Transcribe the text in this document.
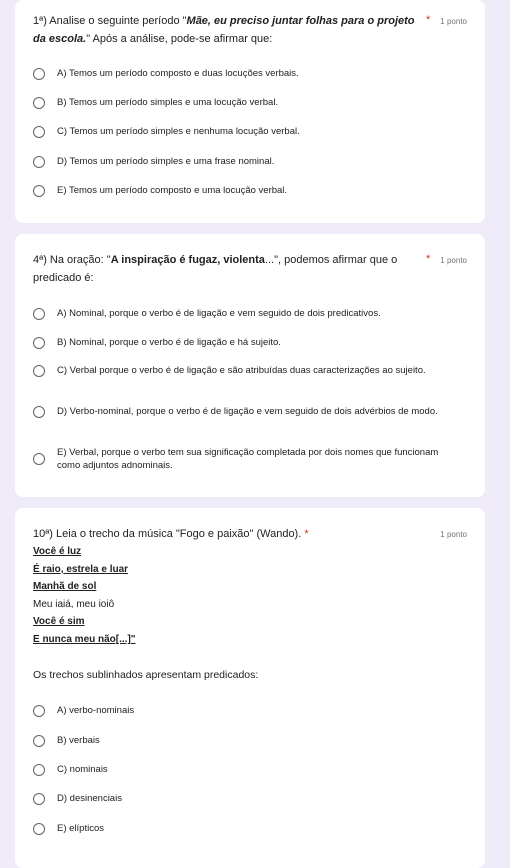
1ª) Analise o seguinte período "Mãe, eu preciso juntar folhas para o projeto da escola." Após a análise, pode-se afirmar que:
* 1 ponto
A) Temos um período composto e duas locuções verbais.
B) Temos um período simples e uma locução verbal.
C) Temos um período simples e nenhuma locução verbal.
D) Temos um período simples e uma frase nominal.
E) Temos um período composto e uma locução verbal.
4ª) Na oração: "A inspiração é fugaz, violenta...", podemos afirmar que o predicado é:
* 1 ponto
A) Nominal, porque o verbo é de ligação e vem seguido de dois predicativos.
B) Nominal, porque o verbo é de ligação e há sujeito.
C) Verbal porque o verbo é de ligação e são atribuídas duas caracterizações ao sujeito.
D) Verbo-nominal, porque o verbo é de ligação e vem seguido de dois advérbios de modo.
E) Verbal, porque o verbo tem sua significação completada por dois nomes que funcionam como adjuntos adnominais.
10ª) Leia o trecho da música "Fogo e paixão" (Wando). *	1 ponto
Você é luz
É raio, estrela e luar
Manhã de sol
Meu iaiá, meu ioiô
Você é sim
E nunca meu não[...]"
Os trechos sublinhados apresentam predicados:
A) verbo-nominais
B) verbais
C) nominais
D) desinenciais
E) elípticos
